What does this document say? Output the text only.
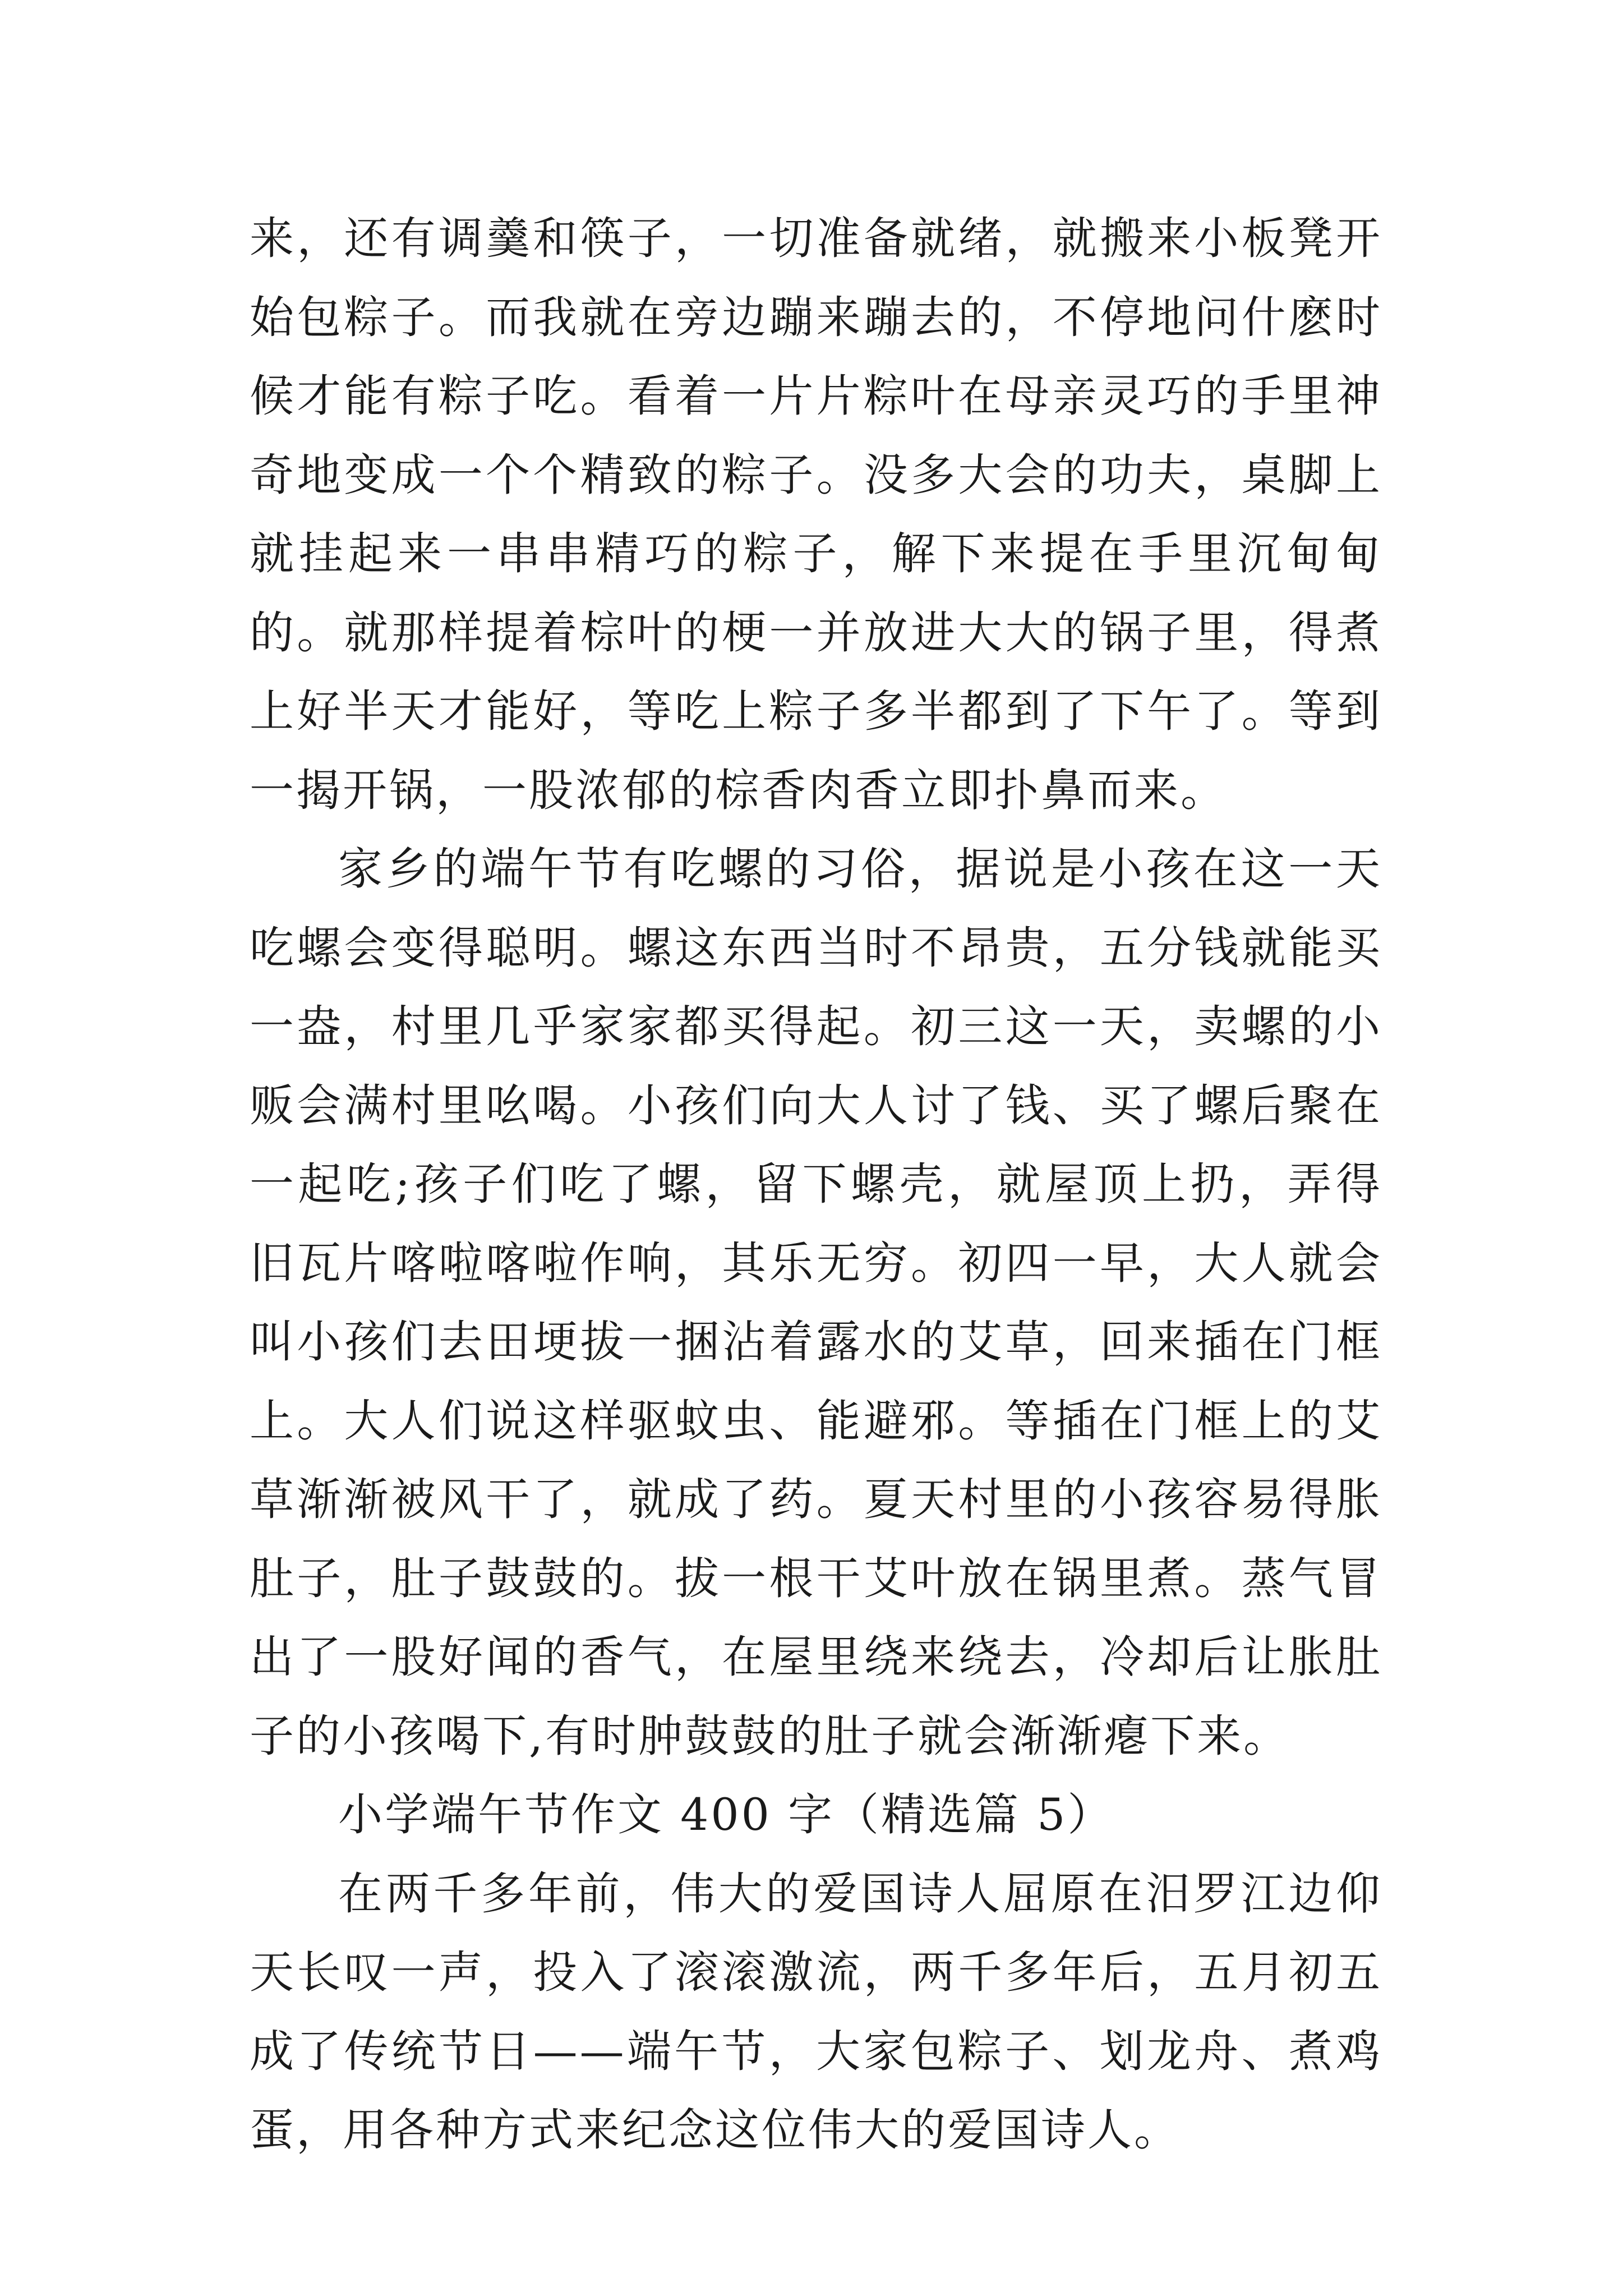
来，还有调羹和筷子，一切准备就绪，就搬来小板凳开始包粽子。而我就在旁边蹦来蹦去的，不停地问什麽时候才能有粽子吃。看着一片片粽叶在母亲灵巧的手里神奇地变成一个个精致的粽子。没多大会的功夫，桌脚上就挂起来一串串精巧的粽子，解下来提在手里沉甸甸的。就那样提着棕叶的梗一并放进大大的锅子里，得煮上好半天才能好，等吃上粽子多半都到了下午了。等到一揭开锅，一股浓郁的棕香肉香立即扑鼻而来。

家乡的端午节有吃螺的习俗，据说是小孩在这一天吃螺会变得聪明。螺这东西当时不昂贵，五分钱就能买一盎，村里几乎家家都买得起。初三这一天，卖螺的小贩会满村里吆喝。小孩们向大人讨了钱、买了螺后聚在一起吃;孩子们吃了螺，留下螺壳，就屋顶上扔，弄得旧瓦片喀啦喀啦作响，其乐无穷。初四一早，大人就会叫小孩们去田埂拔一捆沾着露水的艾草，回来插在门框上。大人们说这样驱蚊虫、能避邪。等插在门框上的艾草渐渐被风干了，就成了药。夏天村里的小孩容易得胀肚子，肚子鼓鼓的。拔一根干艾叶放在锅里煮。蒸气冒出了一股好闻的香气，在屋里绕来绕去，冷却后让胀肚子的小孩喝下,有时肿鼓鼓的肚子就会渐渐瘪下来。

小学端午节作文 400 字（精选篇 5）

在两千多年前，伟大的爱国诗人屈原在汨罗江边仰天长叹一声，投入了滚滚激流，两千多年后，五月初五成了传统节日——端午节，大家包粽子、划龙舟、煮鸡蛋，用各种方式来纪念这位伟大的爱国诗人。
